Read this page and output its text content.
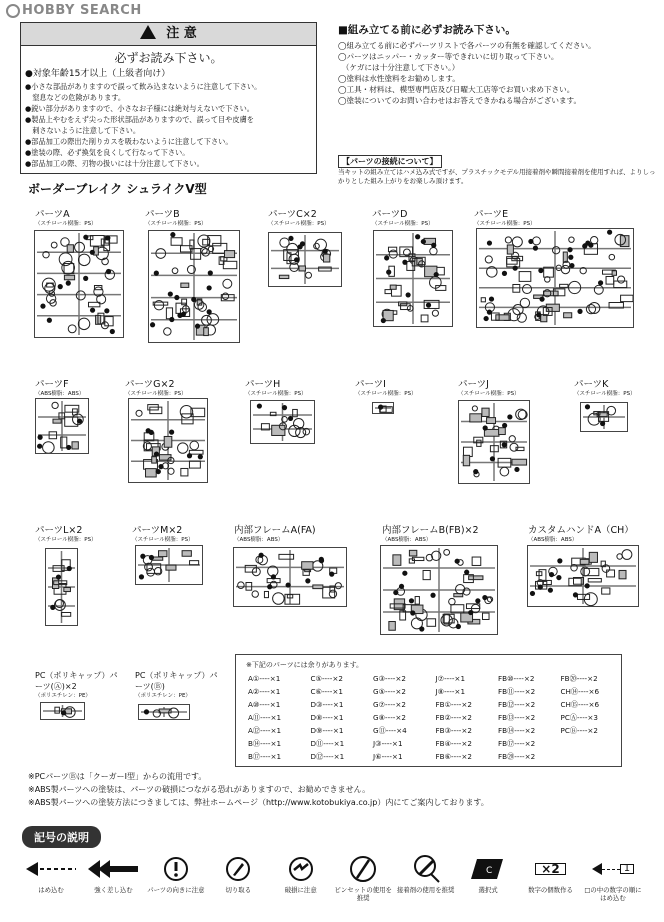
HOBBY SEARCH
注 意
必ずお読み下さい。
●対象年齢15才以上（上級者向け）
●小さな部品がありますので誤って飲み込まないように注意して下さい。
　窒息などの危険があります。
●鋭い部分がありますので、小さなお子様には絶対与えないで下さい。
●製品上やむをえず尖った形状部品がありますので、誤って目や皮膚を
　刺さないように注意して下さい。
●部品加工の際出た削りカスを吸わないように注意して下さい。
●塗装の際、必ず換気を良くして行なって下さい。
●部品加工の際、刃物の扱いには十分注意して下さい。
■組み立てる前に必ずお読み下さい。
◯組み立てる前に必ずパーツリストで各パーツの有無を確認してください。
◯パーツはニッパー・カッター等できれいに切り取って下さい。
　（ケガには十分注意して下さい。）
◯塗料は水性塗料をお勧めします。
◯工具・材料は、模型専門店及び日曜大工店等でお買い求め下さい。
◯塗装についてのお問い合わせはお答えできかねる場合がございます。
【パーツの接続について】
当キットの組み立てはハメ込み式ですが、プラスチックモデル用接着剤や瞬間接着剤を使用すれば、よりしっかりとした組み上がりをお楽しみ頂けます。
ボーダーブレイク シュライクV型
パーツA
（スチロール樹脂：PS）
パーツB
（スチロール樹脂：PS）
パーツC×2
（スチロール樹脂：PS）
パーツD
（スチロール樹脂：PS）
パーツE
（スチロール樹脂：PS）
パーツF
（ABS樹脂：ABS）
パーツG×2
（スチロール樹脂：PS）
パーツH
（スチロール樹脂：PS）
パーツI
（スチロール樹脂：PS）
パーツJ
（スチロール樹脂：PS）
パーツK
（スチロール樹脂：PS）
パーツL×2
（スチロール樹脂：PS）
パーツM×2
（スチロール樹脂：PS）
内部フレームA(FA)
（ABS樹脂：ABS）
内部フレームB(FB)×2
（ABS樹脂：ABS）
カスタムハンドA（CH）
（ABS樹脂：ABS）
PC（ポリキャップ）パーツ(Ⓐ)×2
（ポリエチレン：PE）
PC（ポリキャップ）パーツ(Ⓑ)
（ポリエチレン：PE）
※下記のパーツには余りがあります。
A①----×1	C⑤----×2	G③----×2	J⑦----×1	FB⑩----×2	FB⑳----×2
A②----×1	C⑥----×1	G⑤----×2	J⑧----×1	FB⑪----×2	CH⑭----×6
A⑩----×1	D③----×1	G⑦----×2	FB①----×2	FB⑫----×2	CH⑮----×6
A⑪----×1	D⑧----×1	G⑧----×2	FB②----×2	FB⑬----×2	PCⒶ----×3
A⑫----×1	D⑨----×1	G⑪----×4	FB③----×2	FB⑭----×2	PCⒷ----×2
B⑭----×1	D⑪----×1	J③----×1	FB④----×2	FB⑰----×2
B⑰----×1	D⑫----×1	J⑥----×1	FB⑥----×2	FB⑳----×2
※PCパーツⒷは「クーガーⅠ型」からの流用です。
※ABS製パーツへの塗装は、パーツの破損につながる恐れがありますので、お勧めできません。
※ABS製パーツへの塗装方法につきましては、弊社ホームページ（http://www.kotobukiya.co.jp）内にてご案内しております。
記号の説明
はめ込む	強く差し込む	パーツの向きに注意	切り取る	破損に注意	ピンセットの使用を推奨
接着剤の使用を推奨
C
選択式
×2
数字の個数作る
1
□の中の数字の順にはめ込む
